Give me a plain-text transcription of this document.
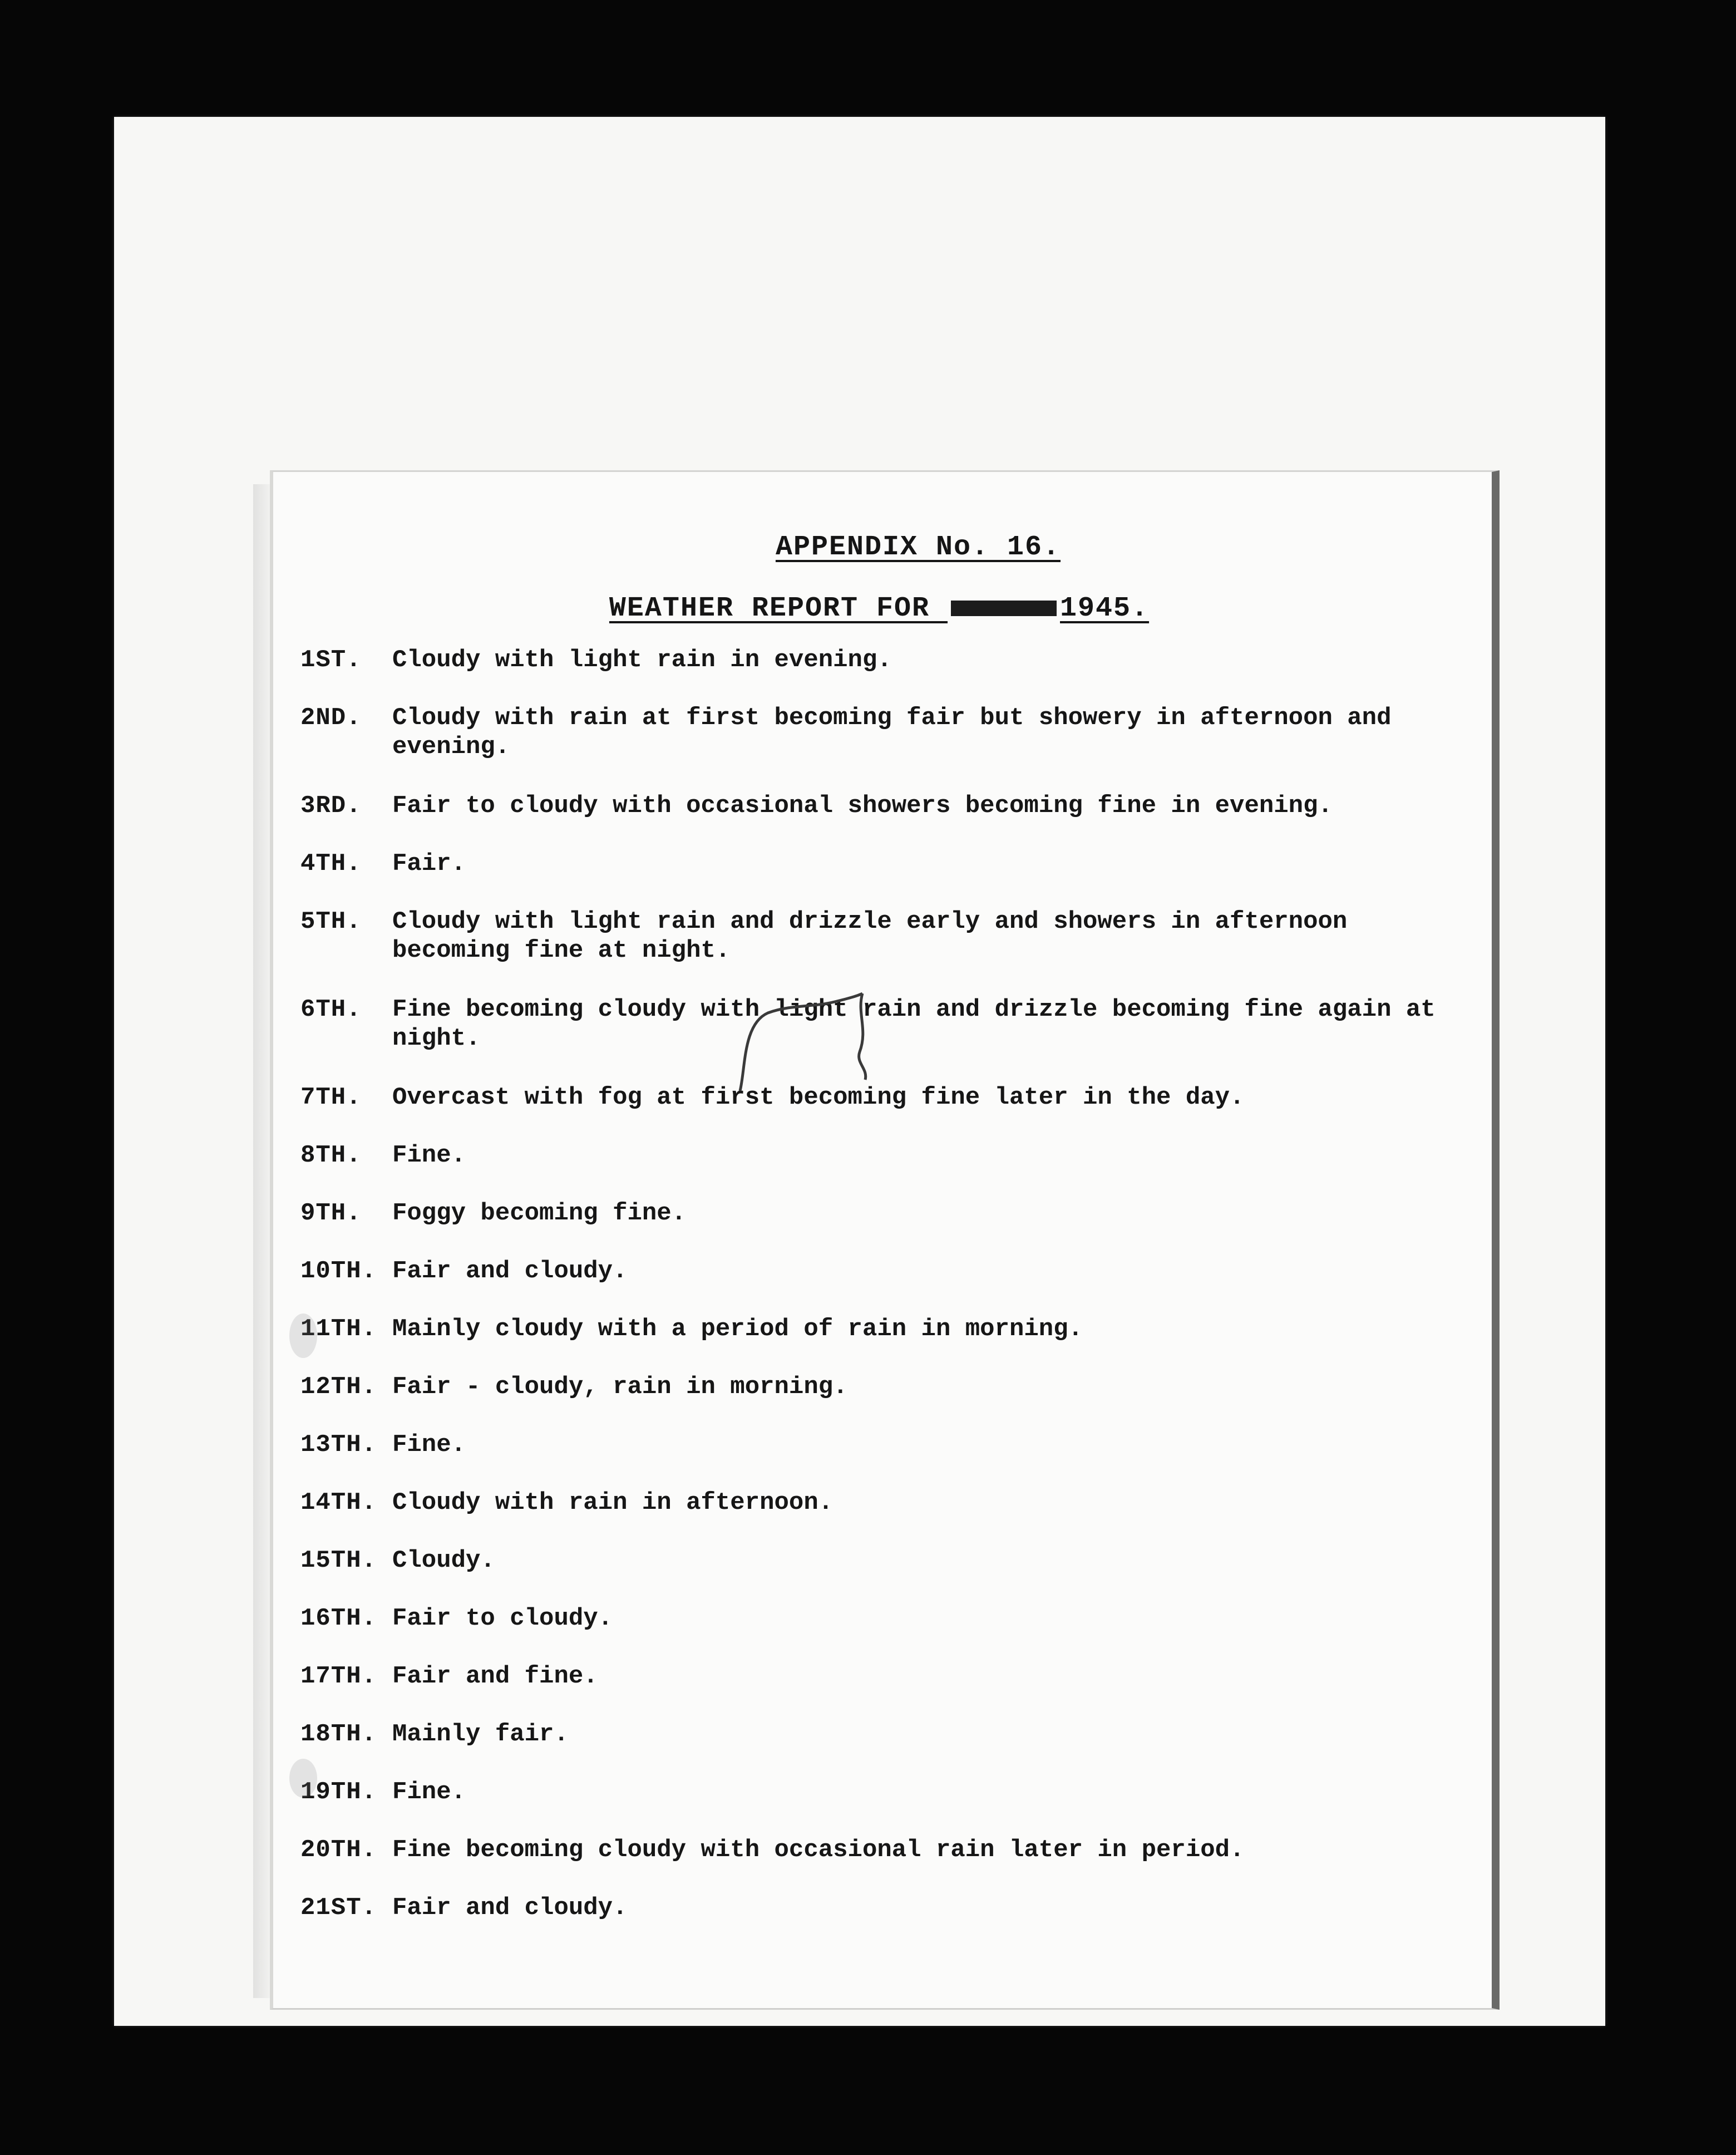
APPENDIX No. 16.
WEATHER REPORT FOR	1945.
1ST.	Cloudy with light rain in evening.
2ND.	Cloudy with rain at first becoming fair but showery in afternoon and evening.
3RD.	Fair to cloudy with occasional showers becoming fine in evening.
4TH.	Fair.
5TH.	Cloudy with light rain and drizzle early and showers in afternoon becoming fine at night.
6TH.	Fine becoming cloudy with light rain and drizzle becoming fine again at night.
7TH.	Overcast with fog at first becoming fine later in the day.
8TH.	Fine.
9TH.	Foggy becoming fine.
10TH. Fair and cloudy.
11TH. Mainly cloudy with a period of rain in morning.
12TH. Fair - cloudy, rain in morning.
13TH. Fine.
14TH. Cloudy with rain in afternoon.
15TH. Cloudy.
16TH. Fair to cloudy.
17TH. Fair and fine.
18TH. Mainly fair.
19TH. Fine.
20TH. Fine becoming cloudy with occasional rain later in period.
21ST. Fair and cloudy.
